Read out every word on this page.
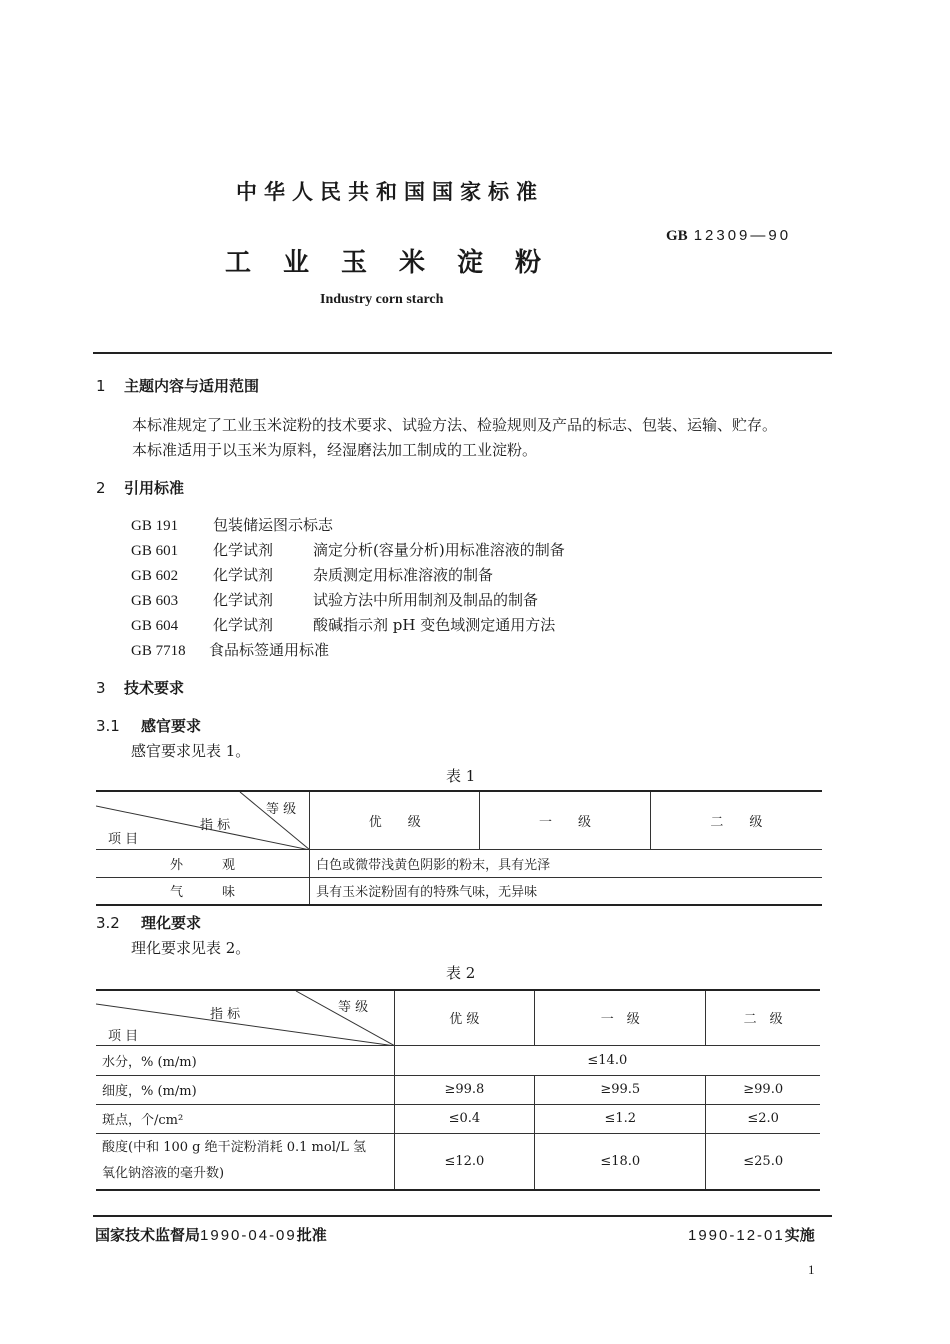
中华人民共和国国家标准
GB 12309—90
工业玉米淀粉
Industry corn starch
1 主题内容与适用范围
本标准规定了工业玉米淀粉的技术要求、试验方法、检验规则及产品的标志、包装、运输、贮存。
本标准适用于以玉米为原料，经湿磨法加工制成的工业淀粉。
2 引用标准
GB 191 包装储运图示标志
GB 601 化学试剂	滴定分析(容量分析)用标准溶液的制备
GB 602 化学试剂	杂质测定用标准溶液的制备
GB 603 化学试剂	试验方法中所用制剂及制品的制备
GB 604 化学试剂	酸碱指示剂 pH 变色域测定通用方法
GB 7718 食品标签通用标准
3 技术要求
3.1 感官要求
感官要求见表 1。
表 1
等 级
指 标
项 目	优　　级	一　　级	二　　级
外　　　观	白色或微带浅黄色阴影的粉末，具有光泽		
气　　　味	具有玉米淀粉固有的特殊气味，无异味		
3.2 理化要求
理化要求见表 2。
表 2
等 级
指 标
项 目	优 级	一　级	二　级
水分，% (m/m)	≤14.0		
细度，% (m/m)	≥99.8	≥99.5	≥99.0
斑点，个/cm²	≤0.4	≤1.2	≤2.0

酸度(中和 100 g 绝干淀粉消耗 0.1 mol/L 氢
氧化钠溶液的毫升数)	≤12.0	≤18.0	≤25.0
国家技术监督局1990-04-09批准	1990-12-01实施
1
